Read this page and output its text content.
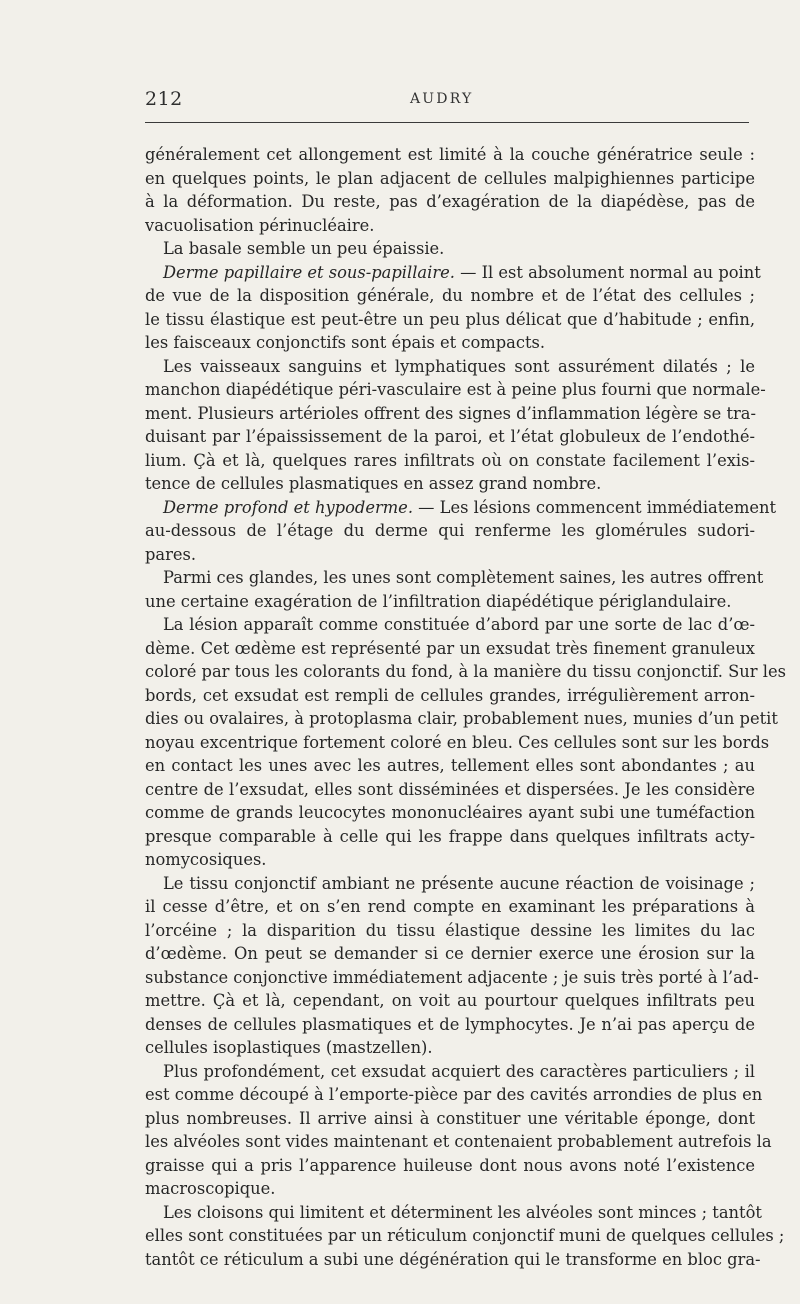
212	AUDRY
généralement cet allongement est limité à la couche génératrice seule :
en quelques points, le plan adjacent de cellules malpighiennes participe
à la déformation. Du reste, pas d’exagération de la diapédèse, pas de
vacuolisation périnucléaire.
La basale semble un peu épaissie.
Derme papillaire et sous-papillaire. — Il est absolument normal au point
de vue de la disposition générale, du nombre et de l’état des cellules ;
le tissu élastique est peut-être un peu plus délicat que d’habitude ; enfin,
les faisceaux conjonctifs sont épais et compacts.
Les vaisseaux sanguins et lymphatiques sont assurément dilatés ; le
manchon diapédétique péri-vasculaire est à peine plus fourni que normale-
ment. Plusieurs artérioles offrent des signes d’inflammation légère se tra-
duisant par l’épaississement de la paroi, et l’état globuleux de l’endothé-
lium. Çà et là, quelques rares infiltrats où on constate facilement l’exis-
tence de cellules plasmatiques en assez grand nombre.
Derme profond et hypoderme. — Les lésions commencent immédiatement
au-dessous de l’étage du derme qui renferme les glomérules sudori-
pares.
Parmi ces glandes, les unes sont complètement saines, les autres offrent
une certaine exagération de l’infiltration diapédétique périglandulaire.
La lésion apparaît comme constituée d’abord par une sorte de lac d’œ-
dème. Cet œdème est représenté par un exsudat très finement granuleux
coloré par tous les colorants du fond, à la manière du tissu conjonctif. Sur les
bords, cet exsudat est rempli de cellules grandes, irrégulièrement arron-
dies ou ovalaires, à protoplasma clair, probablement nues, munies d’un petit
noyau excentrique fortement coloré en bleu. Ces cellules sont sur les bords
en contact les unes avec les autres, tellement elles sont abondantes ; au
centre de l’exsudat, elles sont disséminées et dispersées. Je les considère
comme de grands leucocytes mononucléaires ayant subi une tuméfaction
presque comparable à celle qui les frappe dans quelques infiltrats acty-
nomycosiques.
Le tissu conjonctif ambiant ne présente aucune réaction de voisinage ;
il cesse d’être, et on s’en rend compte en examinant les préparations à
l’orcéine ; la disparition du tissu élastique dessine les limites du lac
d’œdème. On peut se demander si ce dernier exerce une érosion sur la
substance conjonctive immédiatement adjacente ; je suis très porté à l’ad-
mettre. Çà et là, cependant, on voit au pourtour quelques infiltrats peu
denses de cellules plasmatiques et de lymphocytes. Je n’ai pas aperçu de
cellules isoplastiques (mastzellen).
Plus profondément, cet exsudat acquiert des caractères particuliers ; il
est comme découpé à l’emporte-pièce par des cavités arrondies de plus en
plus nombreuses. Il arrive ainsi à constituer une véritable éponge, dont
les alvéoles sont vides maintenant et contenaient probablement autrefois la
graisse qui a pris l’apparence huileuse dont nous avons noté l’existence
macroscopique.
Les cloisons qui limitent et déterminent les alvéoles sont minces ; tantôt
elles sont constituées par un réticulum conjonctif muni de quelques cellules ;
tantôt ce réticulum a subi une dégénération qui le transforme en bloc gra-
